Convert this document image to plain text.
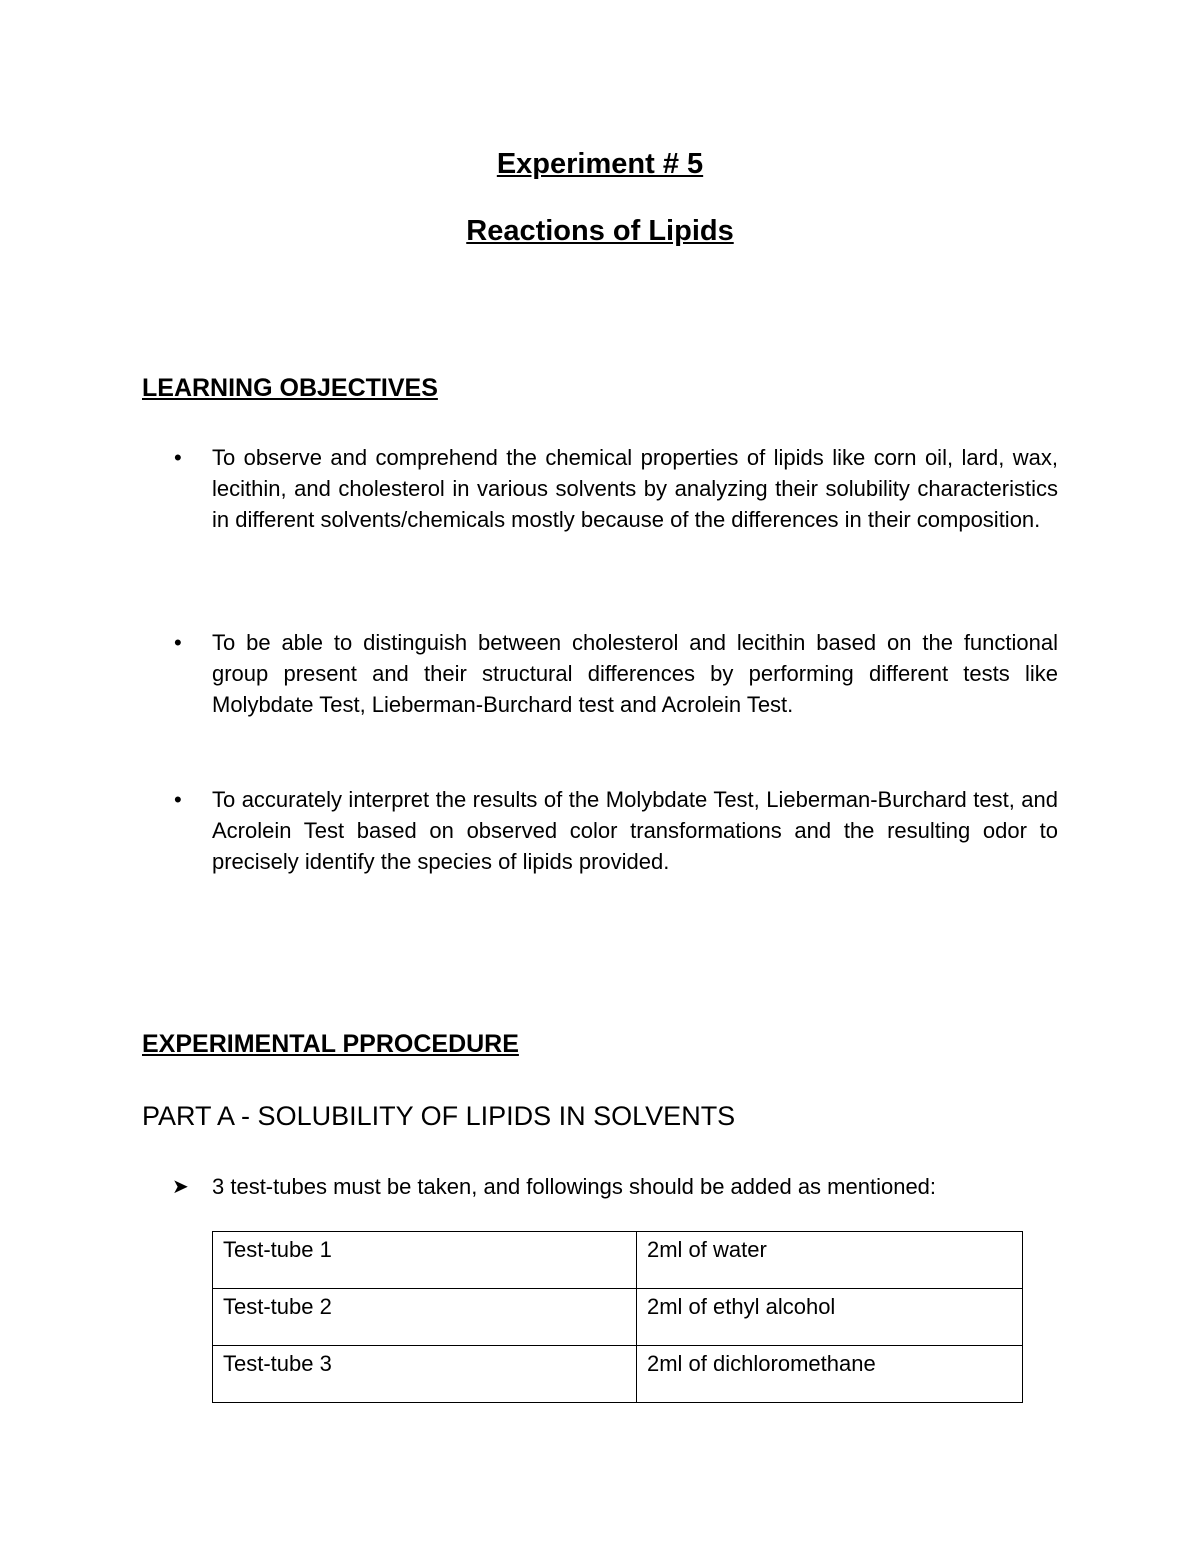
Experiment # 5
Reactions of Lipids
LEARNING OBJECTIVES
• To observe and comprehend the chemical properties of lipids like corn oil, lard, wax, lecithin, and cholesterol in various solvents by analyzing their solubility characteristics in different solvents/chemicals mostly because of the differences in their composition.
• To be able to distinguish between cholesterol and lecithin based on the functional group present and their structural differences by performing different tests like Molybdate Test, Lieberman-Burchard test and Acrolein Test.
• To accurately interpret the results of the Molybdate Test, Lieberman-Burchard test, and Acrolein Test based on observed color transformations and the resulting odor to precisely identify the species of lipids provided.
EXPERIMENTAL PPROCEDURE
PART A - SOLUBILITY OF LIPIDS IN SOLVENTS
➤ 3 test-tubes must be taken, and followings should be added as mentioned:
Test-tube 1	2ml of water
Test-tube 2	2ml of ethyl alcohol
Test-tube 3	2ml of dichloromethane
